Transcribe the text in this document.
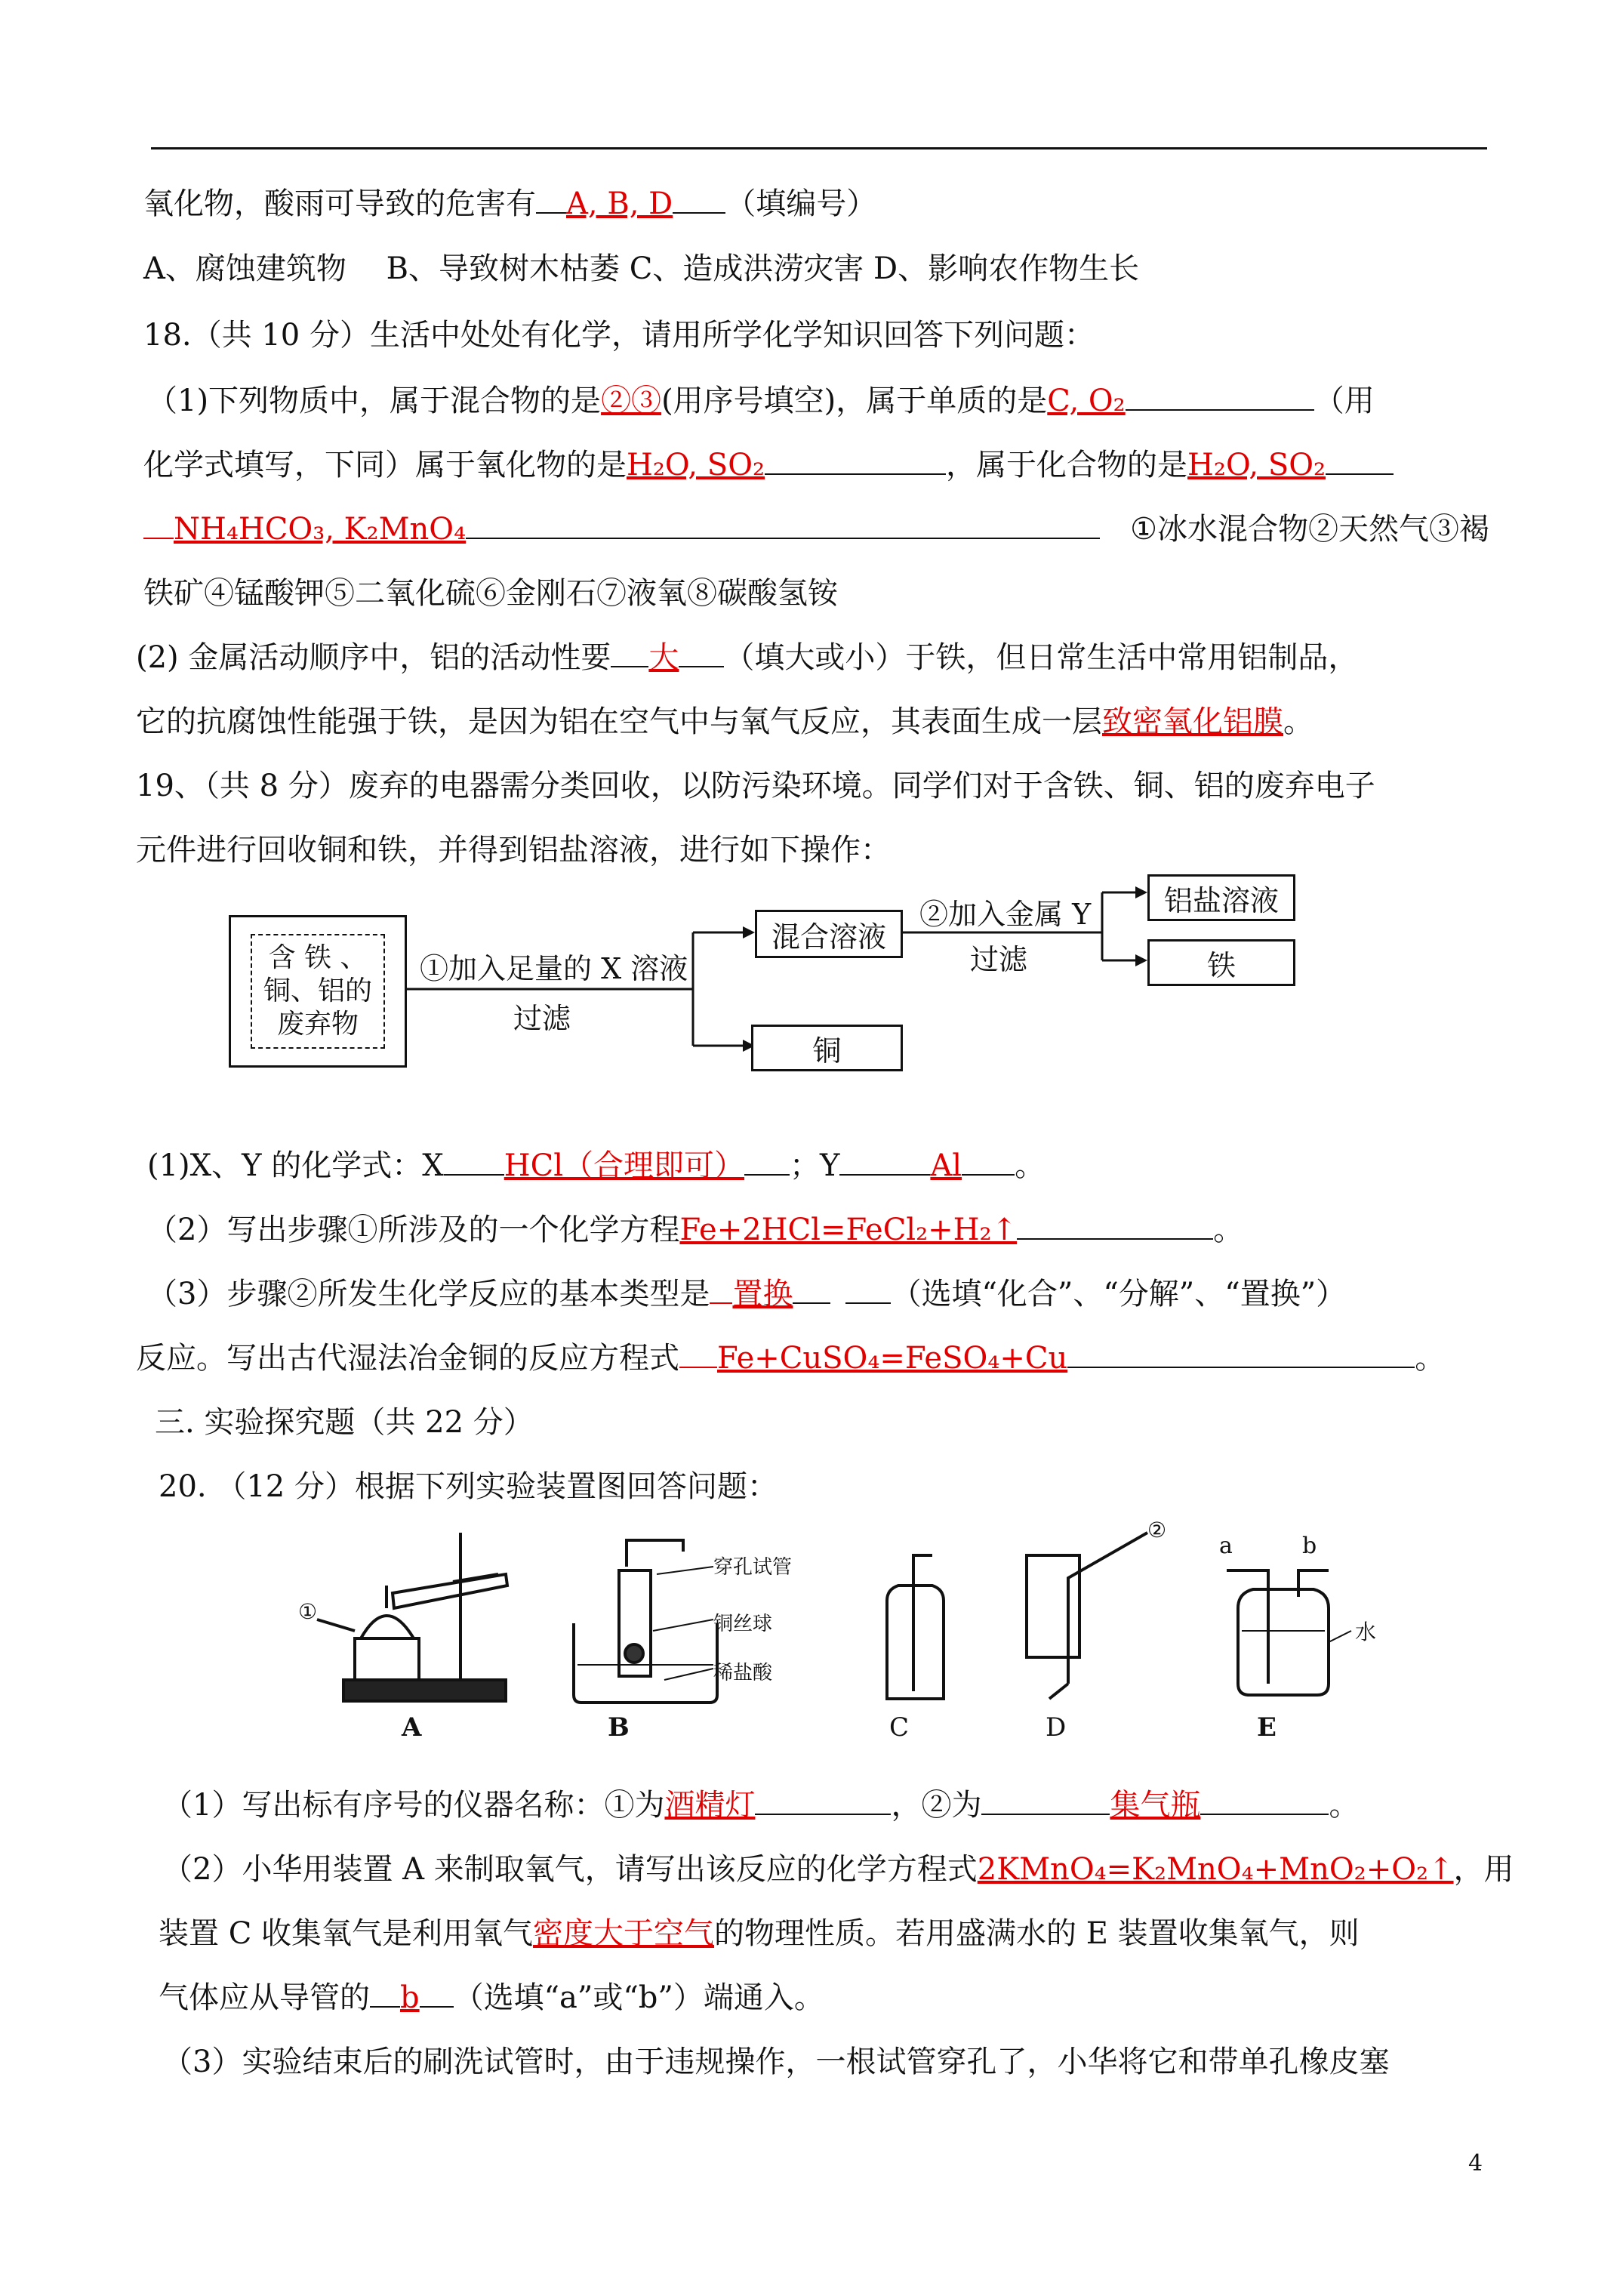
氧化物，酸雨可导致的危害有 A, B, D （填编号）
A、腐蚀建筑物　 B、导致树木枯萎 C、造成洪涝灾害 D、影响农作物生长
18.（共 10 分）生活中处处有化学，请用所学化学知识回答下列问题：
（1)下列物质中，属于混合物的是②③(用序号填空)，属于单质的是C, O₂	（用
化学式填写，下同）属于氧化物的是H₂O, SO₂	，属于化合物的是H₂O, SO₂
NH₄HCO₃, K₂MnO₄	①冰水混合物②天然气③褐
铁矿④锰酸钾⑤二氧化硫⑥金刚石⑦液氧⑧碳酸氢铵
(2) 金属活动顺序中，铝的活动性要 大 （填大或小）于铁，但日常生活中常用铝制品，
它的抗腐蚀性能强于铁，是因为铝在空气中与氧气反应，其表面生成一层致密氧化铝膜。
19、（共 8 分）废弃的电器需分类回收，以防污染环境。同学们对于含铁、铜、铝的废弃电子
元件进行回收铜和铁，并得到铝盐溶液，进行如下操作：
含 铁 、
铜、铝的
废弃物
①加入足量的 X 溶液
过滤
混合溶液
铜
②加入金属 Y
过滤
铝盐溶液
铁
(1)X、Y 的化学式：X HCl（合理即可） ；Y	Al 。
（2）写出步骤①所涉及的一个化学方程Fe+2HCl=FeCl₂+H₂↑	。
（3）步骤②所发生化学反应的基本类型是 置换	（选填“化合”、“分解”、“置换”）
反应。写出古代湿法冶金铜的反应方程式 Fe+CuSO₄=FeSO₄+Cu	。
三. 实验探究题（共 22 分）
20. （12 分）根据下列实验装置图回答问题：
①
②
穿孔试管
铜丝球
稀盐酸
水
a	b
A	B	C	D	E
（1）写出标有序号的仪器名称：①为酒精灯	，②为	集气瓶	。
（2）小华用装置 A 来制取氧气，请写出该反应的化学方程式2KMnO₄=K₂MnO₄+MnO₂+O₂↑，用
装置 C 收集氧气是利用氧气密度大于空气的物理性质。若用盛满水的 E 装置收集氧气，则
气体应从导管的 b （选填“a”或“b”）端通入。
（3）实验结束后的刷洗试管时，由于违规操作，一根试管穿孔了，小华将它和带单孔橡皮塞
4
